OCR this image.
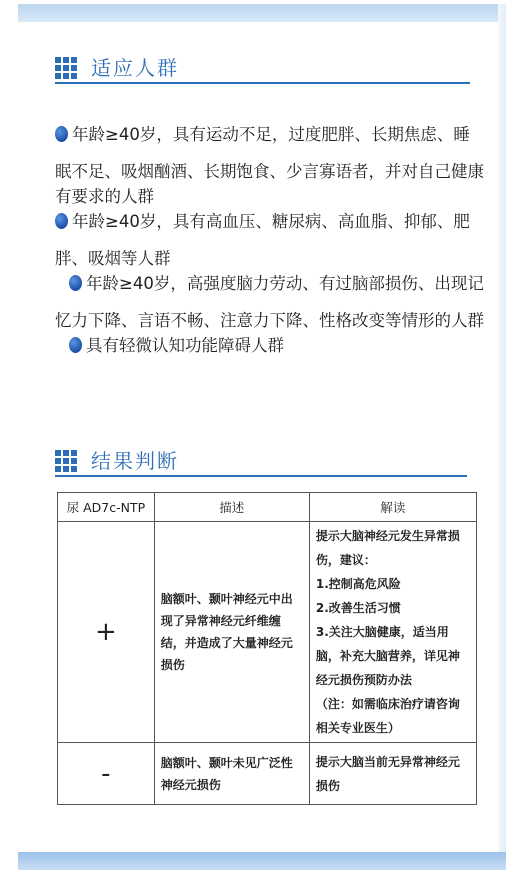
适应人群
年龄≥40岁，具有运动不足，过度肥胖、长期焦虑、睡
眠不足、吸烟酗酒、长期饱食、少言寡语者，并对自己健康
有要求的人群
年龄≥40岁，具有高血压、糖尿病、高血脂、抑郁、肥
胖、吸烟等人群
年龄≥40岁，高强度脑力劳动、有过脑部损伤、出现记
忆力下降、言语不畅、注意力下降、性格改变等情形的人群
具有轻微认知功能障碍人群
结果判断
尿 AD7c-NTP	描述	解读
+	脑额叶、颞叶神经元中出现了异常神经元纤维缠结，并造成了大量神经元损伤	提示大脑神经元发生异常损伤，建议：
1.控制高危风险
2.改善生活习惯
3.关注大脑健康，适当用脑，补充大脑营养，详见神经元损伤预防办法
（注：如需临床治疗请咨询相关专业医生）

-	脑额叶、颞叶未见广泛性神经元损伤	提示大脑当前无异常神经元损伤
